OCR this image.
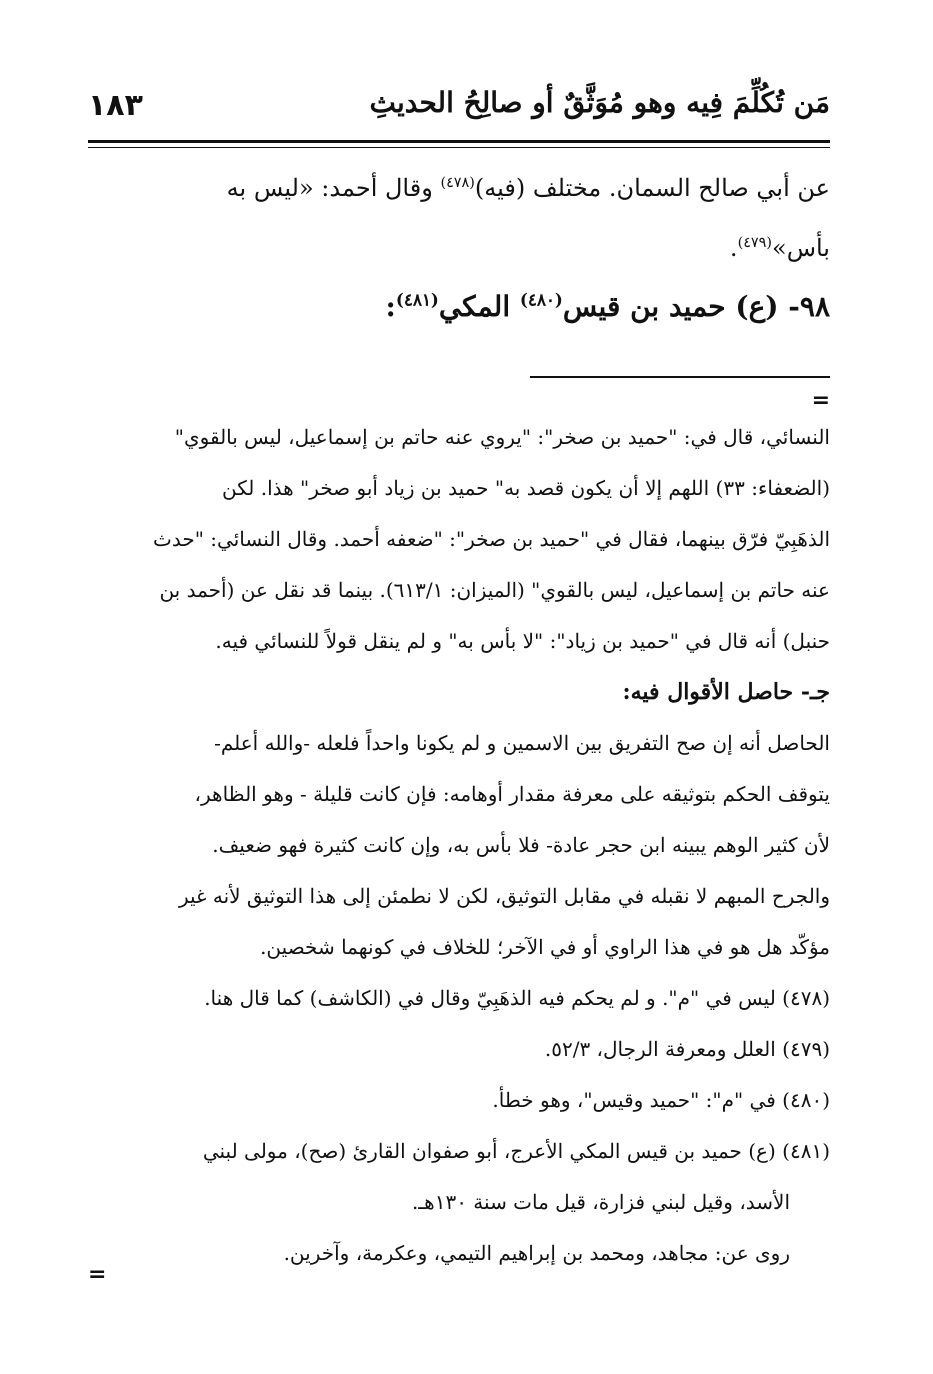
١٨٣	مَن تُكُلِّمَ فِيه وهو مُوَثَّقٌ أو صالِحُ الحديثِ
عن أبي صالح السمان. مختلف (فيه)$^{(٤٧٨)}$ وقال أحمد: «ليس به
بأس»$^{(٤٧٩)}$.
٩٨- (ع) حميد بن قيس$^{(٤٨٠)}$ المكي$^{(٤٨١)}$:
=

النسائي، قال في: "حميد بن صخر": "يروي عنه حاتم بن إسماعيل، ليس بالقوي"

(الضعفاء: ٣٣) اللهم إلا أن يكون قصد به" حميد بن زياد أبو صخر" هذا. لكن

الذهَبِيّ فرّق بينهما، فقال في "حميد بن صخر": "ضعفه أحمد. وقال النسائي: "حدث

عنه حاتم بن إسماعيل، ليس بالقوي" (الميزان: ٦١٣/١). بينما قد نقل عن (أحمد بن

حنبل) أنه قال في "حميد بن زياد": "لا بأس به" و لم ينقل قولاً للنسائي فيه.

جـ- حاصل الأقوال فيه:

الحاصل أنه إن صح التفريق بين الاسمين و لم يكونا واحداً فلعله -والله أعلم-

يتوقف الحكم بتوثيقه على معرفة مقدار أوهامه: فإن كانت قليلة - وهو الظاهر،

لأن كثير الوهم يبينه ابن حجر عادة- فلا بأس به، وإن كانت كثيرة فهو ضعيف.

والجرح المبهم لا نقبله في مقابل التوثيق، لكن لا نطمئن إلى هذا التوثيق لأنه غير

مؤكّد هل هو في هذا الراوي أو في الآخر؛ للخلاف في كونهما شخصين.

(٤٧٨) ليس في "م". و لم يحكم فيه الذهَبِيّ وقال في (الكاشف) كما قال هنا.

(٤٧٩) العلل ومعرفة الرجال، ٥٢/٣.

(٤٨٠) في "م": "حميد وقيس"، وهو خطأ.

(٤٨١) (ع) حميد بن قيس المكي الأعرج، أبو صفوان القارئ (صح)، مولى لبني

الأسد، وقيل لبني فزارة، قيل مات سنة ١٣٠هـ.

روى عن: مجاهد، ومحمد بن إبراهيم التيمي، وعكرمة، وآخرين.

=
